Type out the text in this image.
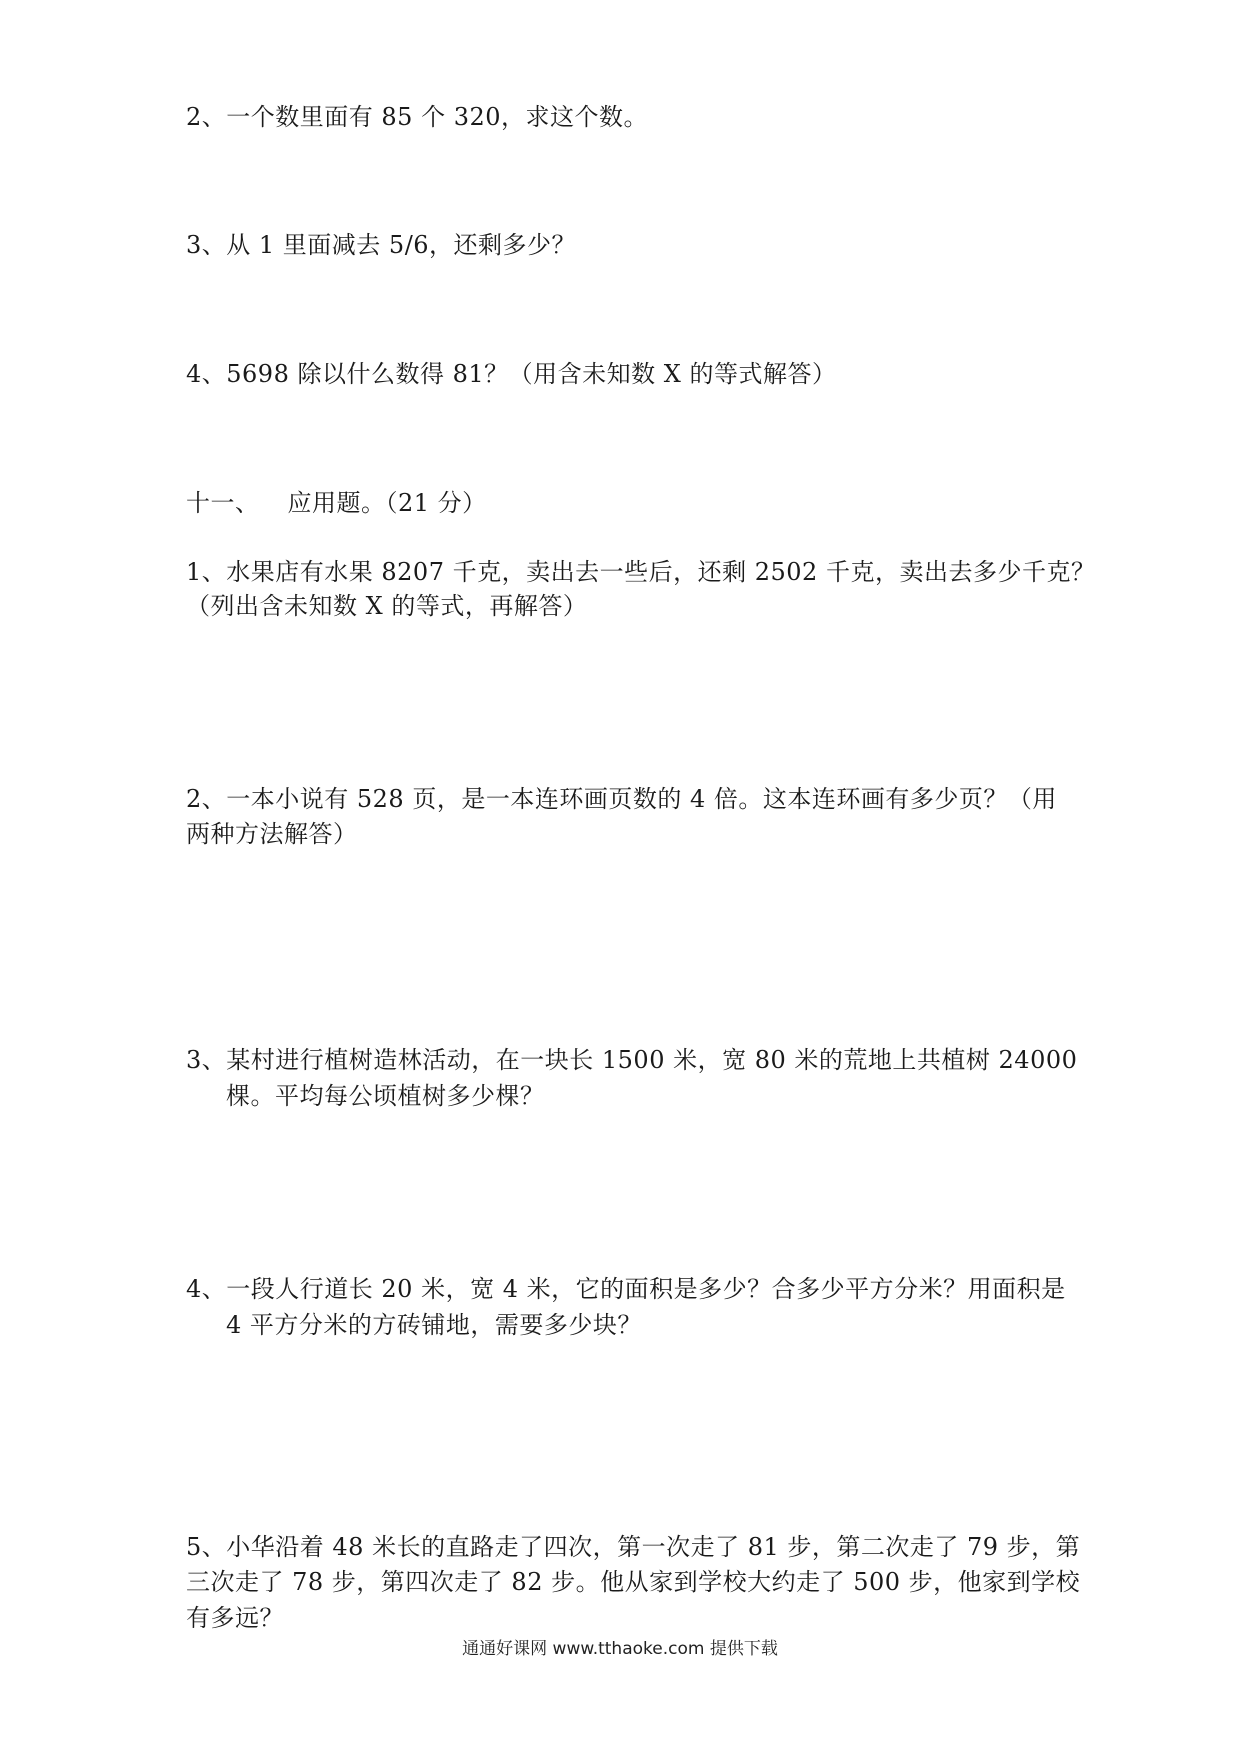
2、一个数里面有 85 个 320，求这个数。
3、从 1 里面减去 5/6，还剩多少？
4、5698 除以什么数得 81？（用含未知数 X 的等式解答）
十一、 应用题。（21 分）
1、水果店有水果 8207 千克，卖出去一些后，还剩 2502 千克，卖出去多少千克？
（列出含未知数 X 的等式，再解答）
2、一本小说有 528 页，是一本连环画页数的 4 倍。这本连环画有多少页？（用
两种方法解答）
3、某村进行植树造林活动，在一块长 1500 米，宽 80 米的荒地上共植树 24000
棵。平均每公顷植树多少棵？
4、一段人行道长 20 米，宽 4 米，它的面积是多少？合多少平方分米？用面积是
4 平方分米的方砖铺地，需要多少块？
5、小华沿着 48 米长的直路走了四次，第一次走了 81 步，第二次走了 79 步，第
三次走了 78 步，第四次走了 82 步。他从家到学校大约走了 500 步，他家到学校
有多远？
通通好课网 www.tthaoke.com 提供下载
